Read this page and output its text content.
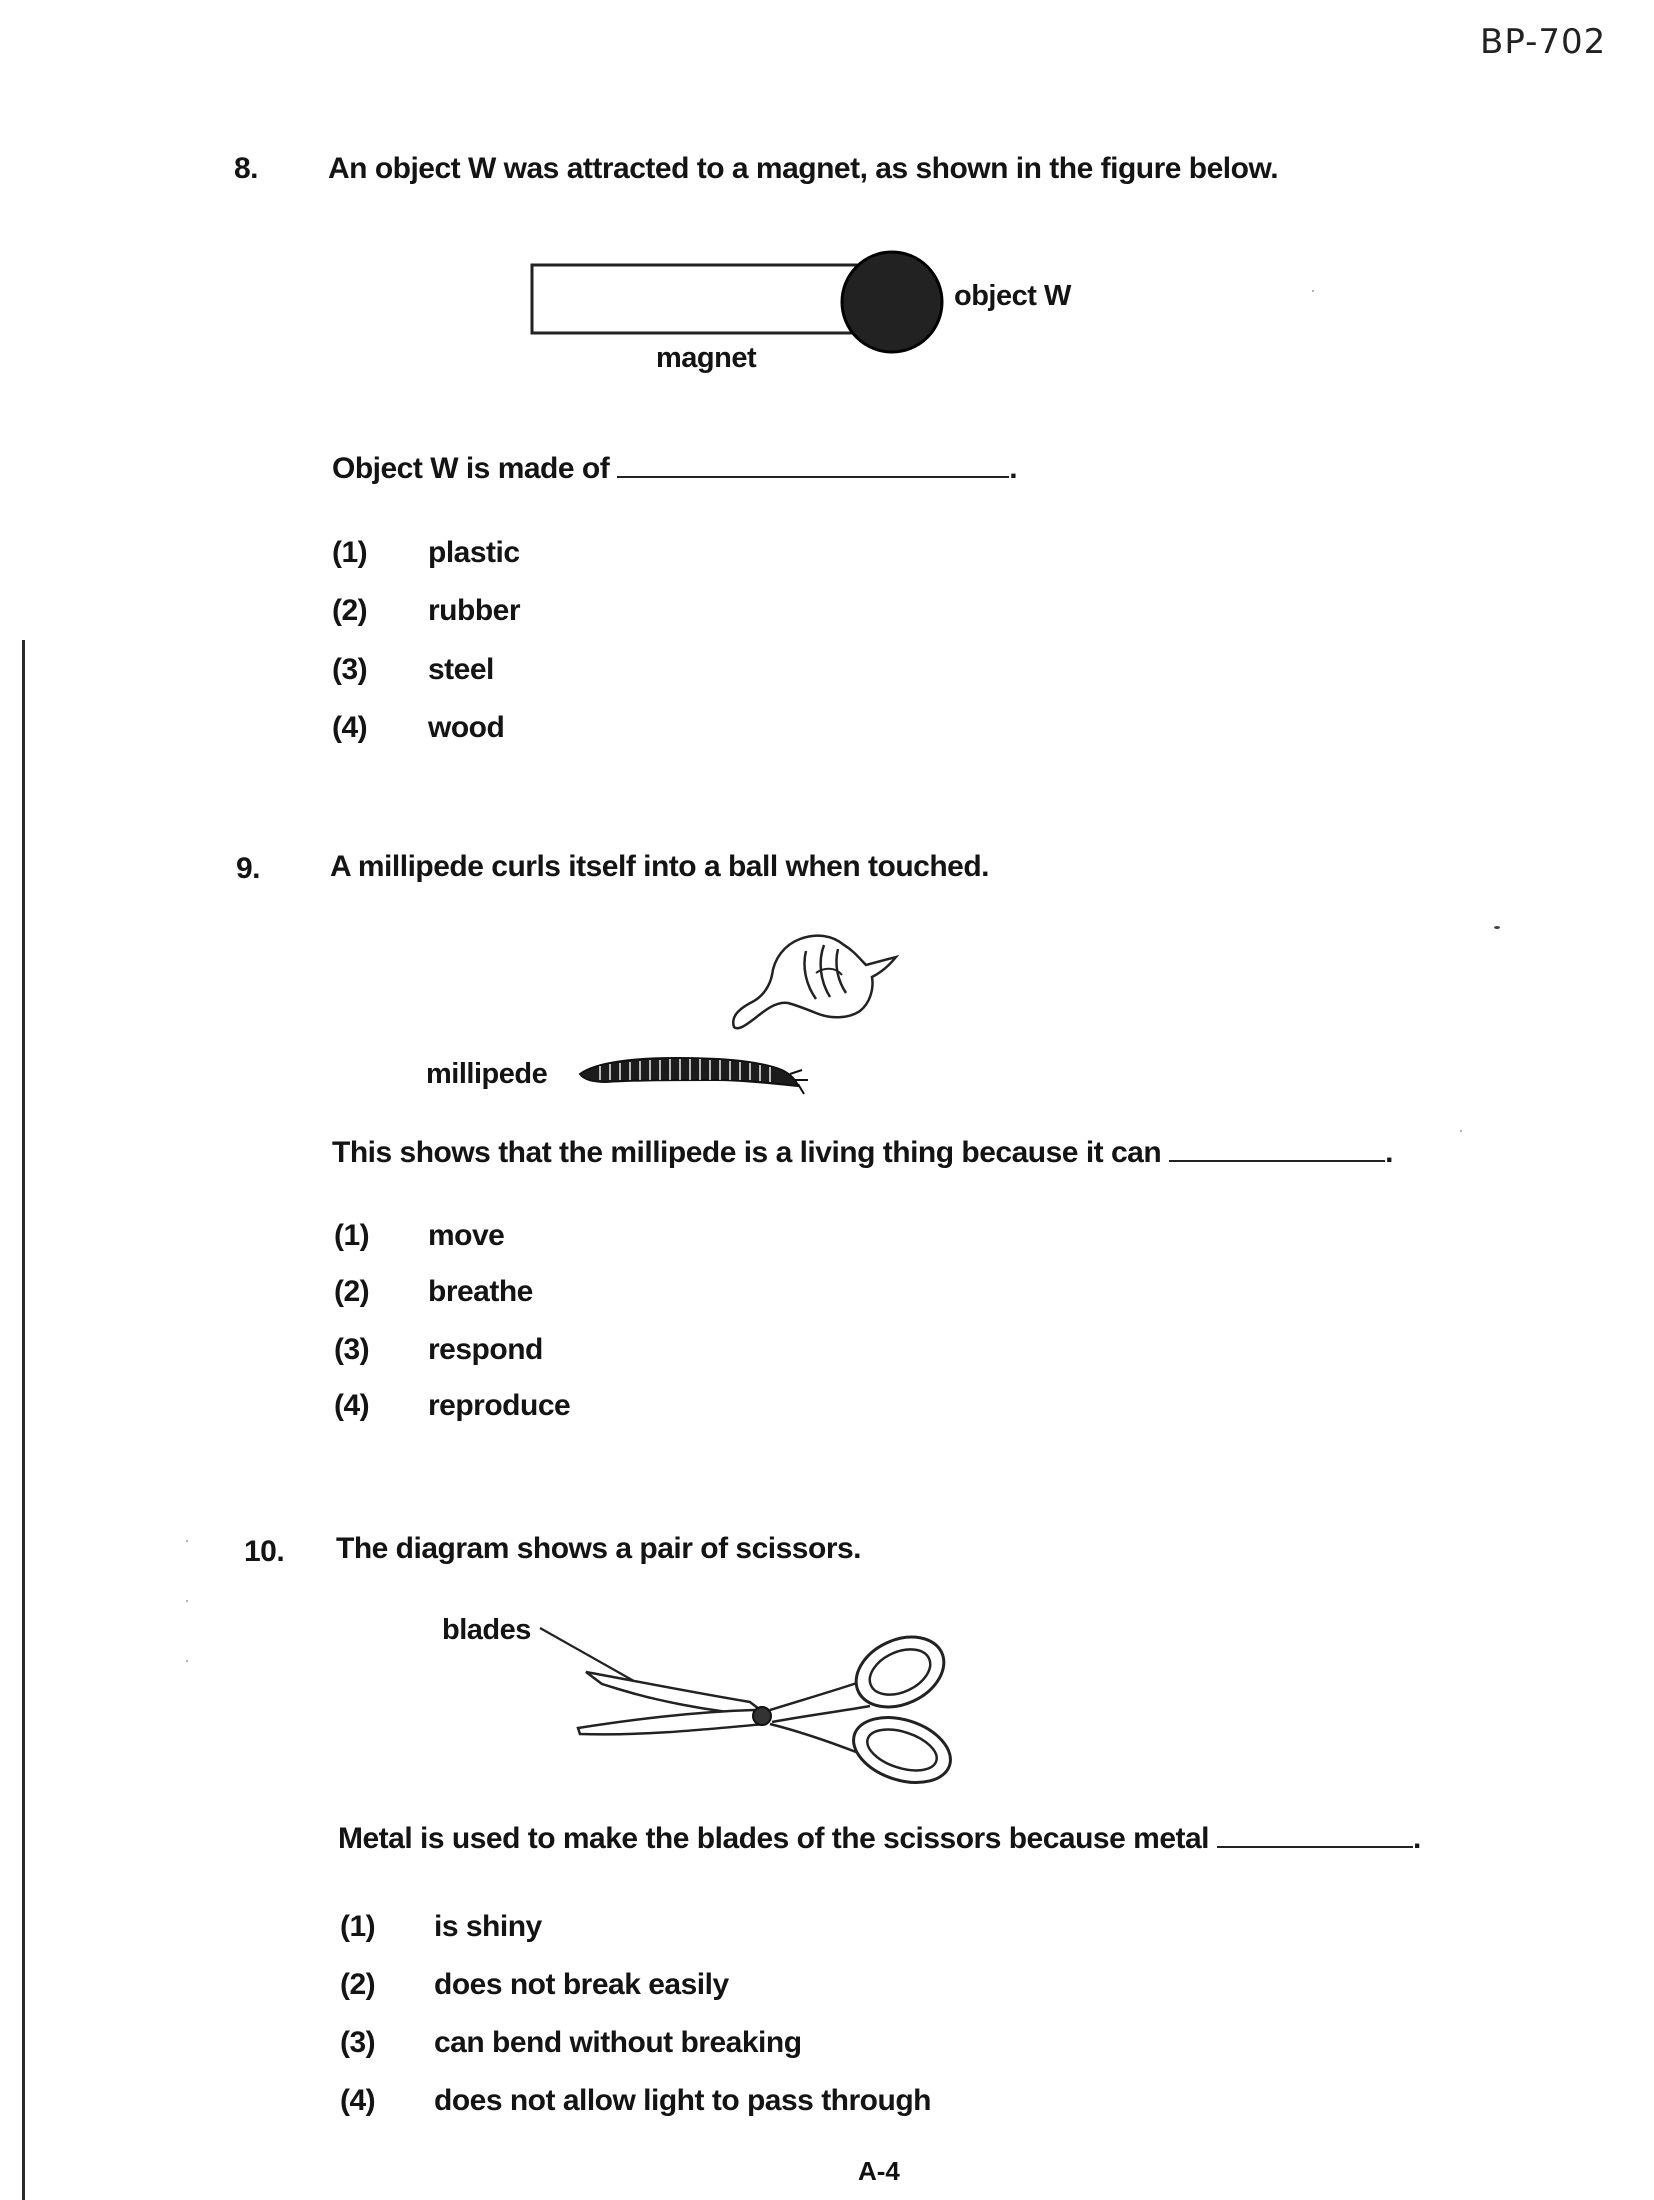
BP-702
8. An object W was attracted to a magnet, as shown in the figure below.
object W
magnet
Object W is made of	.
(1) plastic
(2) rubber
(3) steel
(4) wood
9. A millipede curls itself into a ball when touched.
millipede
This shows that the millipede is a living thing because it can	.
(1) move
(2) breathe
(3) respond
(4) reproduce
10. The diagram shows a pair of scissors.
blades
Metal is used to make the blades of the scissors because metal	.
(1) is shiny
(2) does not break easily
(3) can bend without breaking
(4) does not allow light to pass through
A-4
